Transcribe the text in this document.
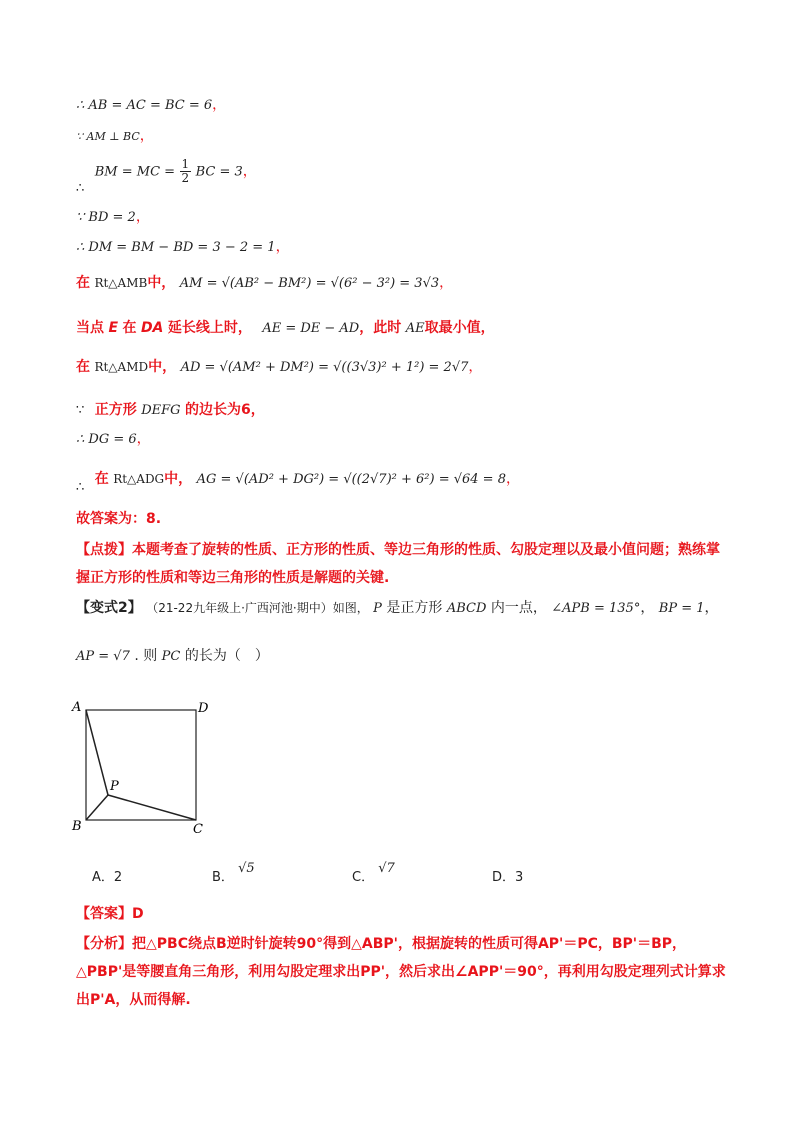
∴ AB = AC = BC = 6，
∵ AM ⊥ BC，
∴ BM = MC = $\frac{1}{2}$ BC = 3，
∵ BD = 2，
∴ DM = BM − BD = 3 − 2 = 1，
在 Rt△AMB中， AM = √(AB² − BM²) = √(6² − 3²) = 3√3，
当点 E 在 DA 延长线上时， AE = DE − AD，此时 AE取最小值，
在 Rt△AMD中， AD = √(AM² + DM²) = √((3√3)² + 1²) = 2√7，
∵ 正方形 DEFG 的边长为6，
∴ DG = 6，
∴ 在 Rt△ADG中， AG = √(AD² + DG²) = √((2√7)² + 6²) = √64 = 8，
故答案为：8.
【点拨】本题考查了旋转的性质、正方形的性质、等边三角形的性质、勾股定理以及最小值问题；熟练掌握正方形的性质和等边三角形的性质是解题的关键.
【变式2】 （21-22九年级上·广西河池·期中）如图， P 是正方形 ABCD 内一点， ∠APB = 135°， BP = 1，
AP = √7 . 则 PC 的长为（　）
A	D
B	C
P
A．2	B． √5
C． √7
D．3
【答案】D
【分析】把△PBC绕点B逆时针旋转90°得到△ABP'，根据旋转的性质可得AP'＝PC，BP'＝BP，△PBP'是等腰直角三角形，利用勾股定理求出PP'，然后求出∠APP'＝90°，再利用勾股定理列式计算求出P'A，从而得解.
